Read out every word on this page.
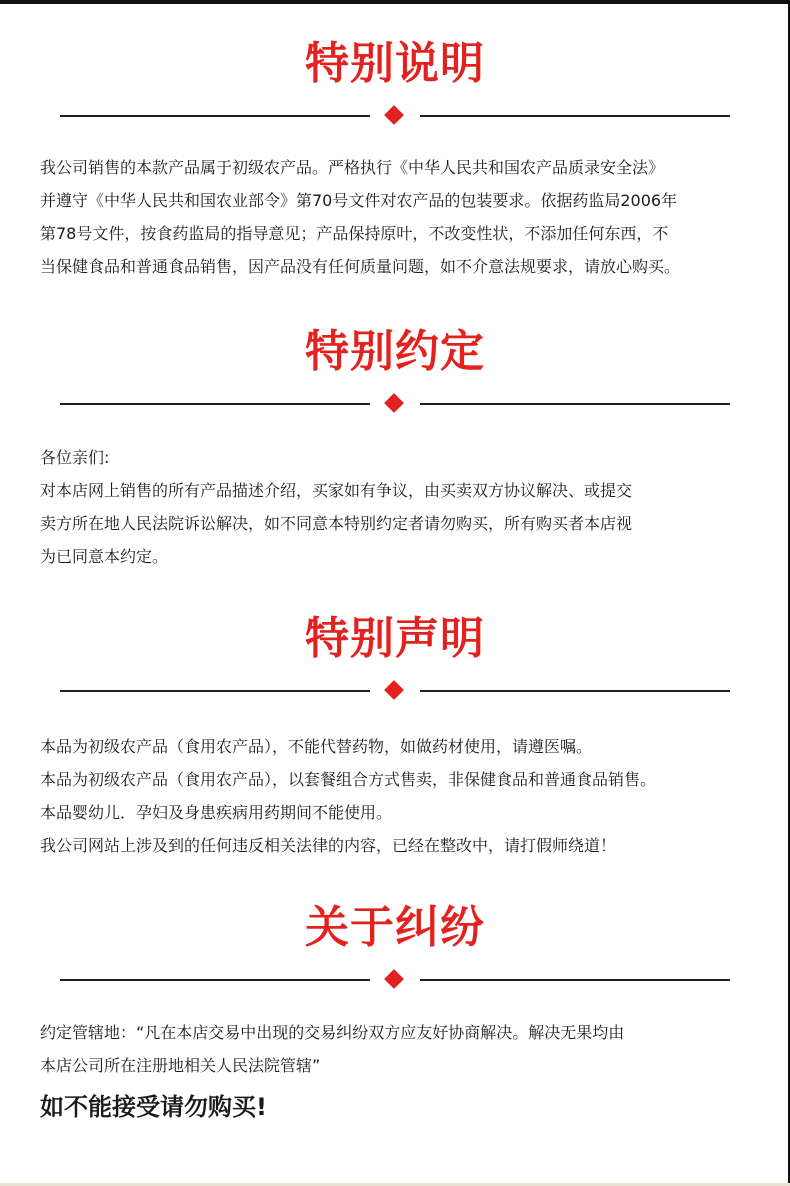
特别说明

我公司销售的本款产品属于初级农产品。严格执行《中华人民共和国农产品质录安全法》

并遵守《中华人民共和国农业部令》第70号文件对农产品的包装要求。依据药监局2006年

第78号文件，按食药监局的指导意见；产品保持原叶，不改变性状，不添加任何东西，不

当保健食品和普通食品销售，因产品没有任何质量问题，如不介意法规要求，请放心购买。

特别约定

各位亲们:

对本店网上销售的所有产品描述介绍，买家如有争议，由买卖双方协议解决、或提交

卖方所在地人民法院诉讼解决，如不同意本特别约定者请勿购买，所有购买者本店视

为已同意本约定。

特别声明

本品为初级农产品（食用农产品），不能代替药物，如做药材使用，请遵医嘱。

本品为初级农产品（食用农产品），以套餐组合方式售卖，非保健食品和普通食品销售。

本品婴幼儿．孕妇及身患疾病用药期间不能使用。

我公司网站上涉及到的任何违反相关法律的内容，已经在整改中，请打假师绕道！

关于纠纷

约定管辖地：“凡在本店交易中出现的交易纠纷双方应友好协商解决。解决无果均由

本店公司所在注册地相关人民法院管辖”

如不能接受请勿购买!
